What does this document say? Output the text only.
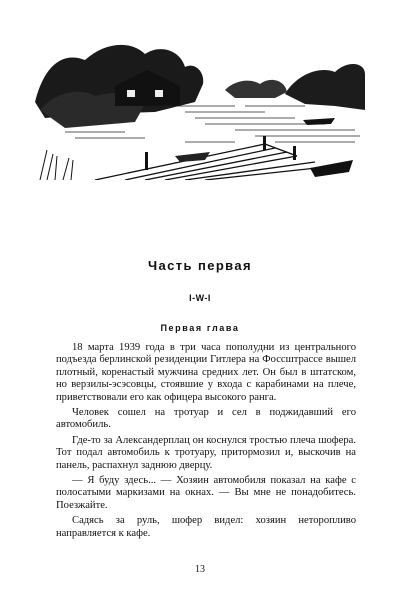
Часть первая
I-W-I
Первая глава

18 марта 1939 года в три часа пополудни из центрального подъезда берлинской резиденции Гитлера на Фоссштрассе вышел плотный, коренастый мужчина средних лет. Он был в штатском, но верзилы-эсэсовцы, стоявшие у входа с карабинами на плече, приветствовали его как офицера высокого ранга.

Человек сошел на тротуар и сел в поджидавший его автомобиль.

Где-то за Александерплац он коснулся тростью плеча шофера. Тот подал автомобиль к тротуару, притормозил и, выскочив на панель, распахнул заднюю дверцу.

— Я буду здесь... — Хозяин автомобиля показал на кафе с полосатыми маркизами на окнах. — Вы мне не понадобитесь. Поезжайте.

Садясь за руль, шофер видел: хозяин неторопливо направляется к кафе.

13
